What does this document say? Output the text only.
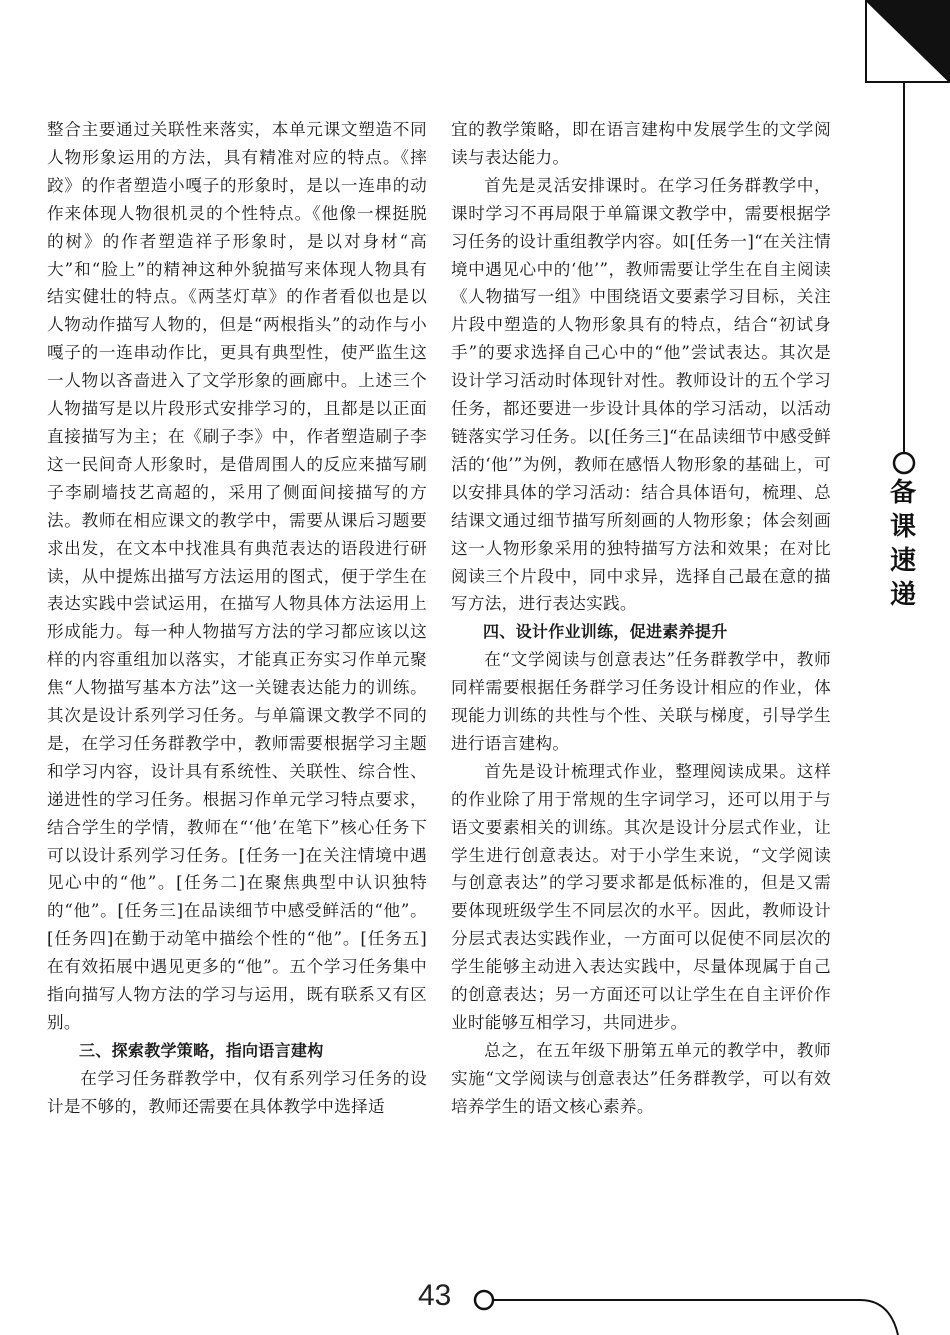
备
课
速
递

整合主要通过关联性来落实，本单元课文塑造不同人物形象运用的方法，具有精准对应的特点。《摔跤》的作者塑造小嘎子的形象时，是以一连串的动作来体现人物很机灵的个性特点。《他像一棵挺脱的树》的作者塑造祥子形象时，是以对身材“高大”和“脸上”的精神这种外貌描写来体现人物具有结实健壮的特点。《两茎灯草》的作者看似也是以人物动作描写人物的，但是“两根指头”的动作与小嘎子的一连串动作比，更具有典型性，使严监生这一人物以吝啬进入了文学形象的画廊中。上述三个人物描写是以片段形式安排学习的，且都是以正面直接描写为主；在《刷子李》中，作者塑造刷子李这一民间奇人形象时，是借周围人的反应来描写刷子李刷墙技艺高超的，采用了侧面间接描写的方法。教师在相应课文的教学中，需要从课后习题要求出发，在文本中找准具有典范表达的语段进行研读，从中提炼出描写方法运用的图式，便于学生在表达实践中尝试运用，在描写人物具体方法运用上形成能力。每一种人物描写方法的学习都应该以这样的内容重组加以落实，才能真正夯实习作单元聚焦“人物描写基本方法”这一关键表达能力的训练。其次是设计系列学习任务。与单篇课文教学不同的是，在学习任务群教学中，教师需要根据学习主题和学习内容，设计具有系统性、关联性、综合性、递进性的学习任务。根据习作单元学习特点要求，结合学生的学情，教师在“‘他’在笔下”核心任务下可以设计系列学习任务。[任务一]在关注情境中遇见心中的“他”。[任务二]在聚焦典型中认识独特的“他”。[任务三]在品读细节中感受鲜活的“他”。[任务四]在勤于动笔中描绘个性的“他”。[任务五]在有效拓展中遇见更多的“他”。五个学习任务集中指向描写人物方法的学习与运用，既有联系又有区别。

三、探索教学策略，指向语言建构

在学习任务群教学中，仅有系列学习任务的设计是不够的，教师还需要在具体教学中选择适

宜的教学策略，即在语言建构中发展学生的文学阅读与表达能力。

首先是灵活安排课时。在学习任务群教学中，课时学习不再局限于单篇课文教学中，需要根据学习任务的设计重组教学内容。如[任务一]“在关注情境中遇见心中的‘他’”，教师需要让学生在自主阅读《人物描写一组》中围绕语文要素学习目标，关注片段中塑造的人物形象具有的特点，结合“初试身手”的要求选择自己心中的“他”尝试表达。其次是设计学习活动时体现针对性。教师设计的五个学习任务，都还要进一步设计具体的学习活动，以活动链落实学习任务。以[任务三]“在品读细节中感受鲜活的‘他’”为例，教师在感悟人物形象的基础上，可以安排具体的学习活动：结合具体语句，梳理、总结课文通过细节描写所刻画的人物形象；体会刻画这一人物形象采用的独特描写方法和效果；在对比阅读三个片段中，同中求异，选择自己最在意的描写方法，进行表达实践。

四、设计作业训练，促进素养提升

在“文学阅读与创意表达”任务群教学中，教师同样需要根据任务群学习任务设计相应的作业，体现能力训练的共性与个性、关联与梯度，引导学生进行语言建构。

首先是设计梳理式作业，整理阅读成果。这样的作业除了用于常规的生字词学习，还可以用于与语文要素相关的训练。其次是设计分层式作业，让学生进行创意表达。对于小学生来说，“文学阅读与创意表达”的学习要求都是低标准的，但是又需要体现班级学生不同层次的水平。因此，教师设计分层式表达实践作业，一方面可以促使不同层次的学生能够主动进入表达实践中，尽量体现属于自己的创意表达；另一方面还可以让学生在自主评价作业时能够互相学习，共同进步。

总之，在五年级下册第五单元的教学中，教师实施“文学阅读与创意表达”任务群教学，可以有效培养学生的语文核心素养。

43
